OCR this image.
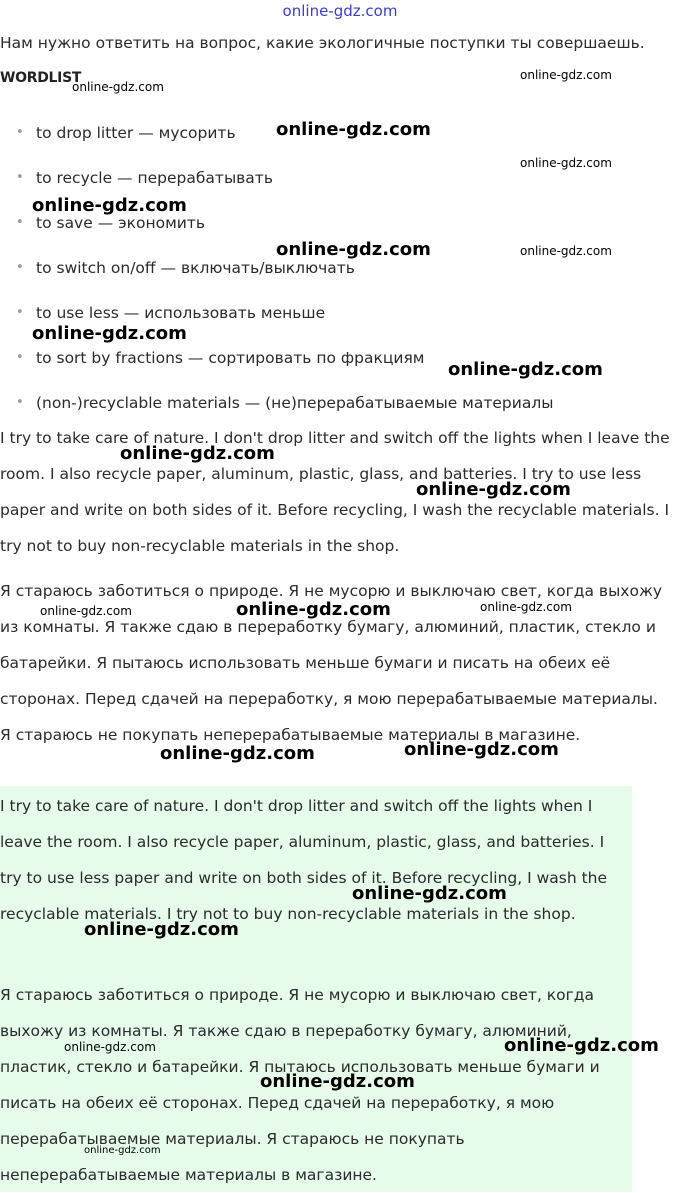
online-gdz.com
Нам нужно ответить на вопрос, какие экологичные поступки ты совершаешь.
WORDLIST
• to drop litter — мусорить
• to recycle — перерабатывать
• to save — экономить
• to switch on/off — включать/выключать
• to use less — использовать меньше
• to sort by fractions — сортировать по фракциям
• (non-)recyclable materials — (не)перерабатываемые материалы

I try to take care of nature. I don't drop litter and switch off the lights when I leave the room. I also recycle paper, aluminum, plastic, glass, and batteries. I try to use less paper and write on both sides of it. Before recycling, I wash the recyclable materials. I try not to buy non-recyclable materials in the shop.

Я стараюсь заботиться о природе. Я не мусорю и выключаю свет, когда выхожу из комнаты. Я также сдаю в переработку бумагу, алюминий, пластик, стекло и батарейки. Я пытаюсь использовать меньше бумаги и писать на обеих её сторонах. Перед сдачей на переработку, я мою перерабатываемые материалы. Я стараюсь не покупать неперерабатываемые материалы в магазине.

I try to take care of nature. I don't drop litter and switch off the lights when I leave the room. I also recycle paper, aluminum, plastic, glass, and batteries. I try to use less paper and write on both sides of it. Before recycling, I wash the recyclable materials. I try not to buy non-recyclable materials in the shop.

Я стараюсь заботиться о природе. Я не мусорю и выключаю свет, когда выхожу из комнаты. Я также сдаю в переработку бумагу, алюминий, пластик, стекло и батарейки. Я пытаюсь использовать меньше бумаги и писать на обеих её сторонах. Перед сдачей на переработку, я мою перерабатываемые материалы. Я стараюсь не покупать неперерабатываемые материалы в магазине.

online-gdz.com
online-gdz.com
online-gdz.com
online-gdz.com
online-gdz.com
online-gdz.com	online-gdz.com
online-gdz.com
online-gdz.com
online-gdz.com
online-gdz.com
online-gdz.com	online-gdz.com	online-gdz.com
online-gdz.com	online-gdz.com
online-gdz.com
online-gdz.com
online-gdz.com	online-gdz.com
online-gdz.com
online-gdz.com
